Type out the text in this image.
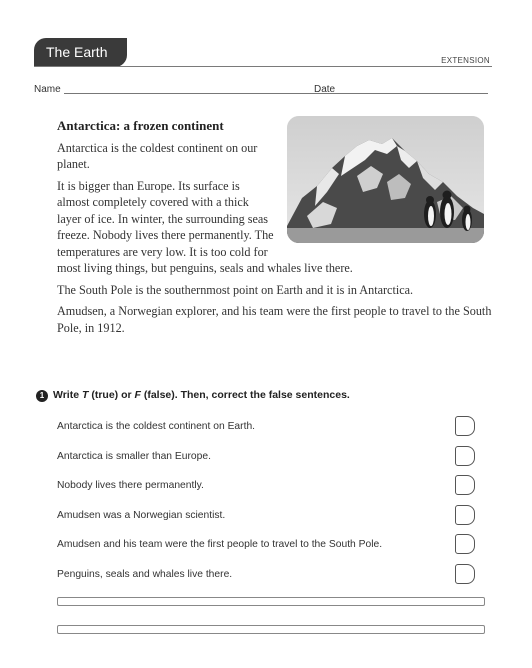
The Earth
EXTENSION
Name	Date
Antarctica: a frozen continent

Antarctica is the coldest continent on our planet.

It is bigger than Europe. Its surface is almost completely covered with a thick layer of ice. In winter, the surrounding seas freeze. Nobody lives there permanently. The temperatures are very low. It is too cold for most living things, but penguins, seals and whales live there.

The South Pole is the southernmost point on Earth and it is in Antarctica.

Amudsen, a Norwegian explorer, and his team were the first people to travel to the South Pole, in 1912.

1 Write T (true) or F (false). Then, correct the false sentences.
Antarctica is the coldest continent on Earth.
Antarctica is smaller than Europe.
Nobody lives there permanently.
Amudsen was a Norwegian scientist.
Amudsen and his team were the first people to travel to the South Pole.
Penguins, seals and whales live there.
